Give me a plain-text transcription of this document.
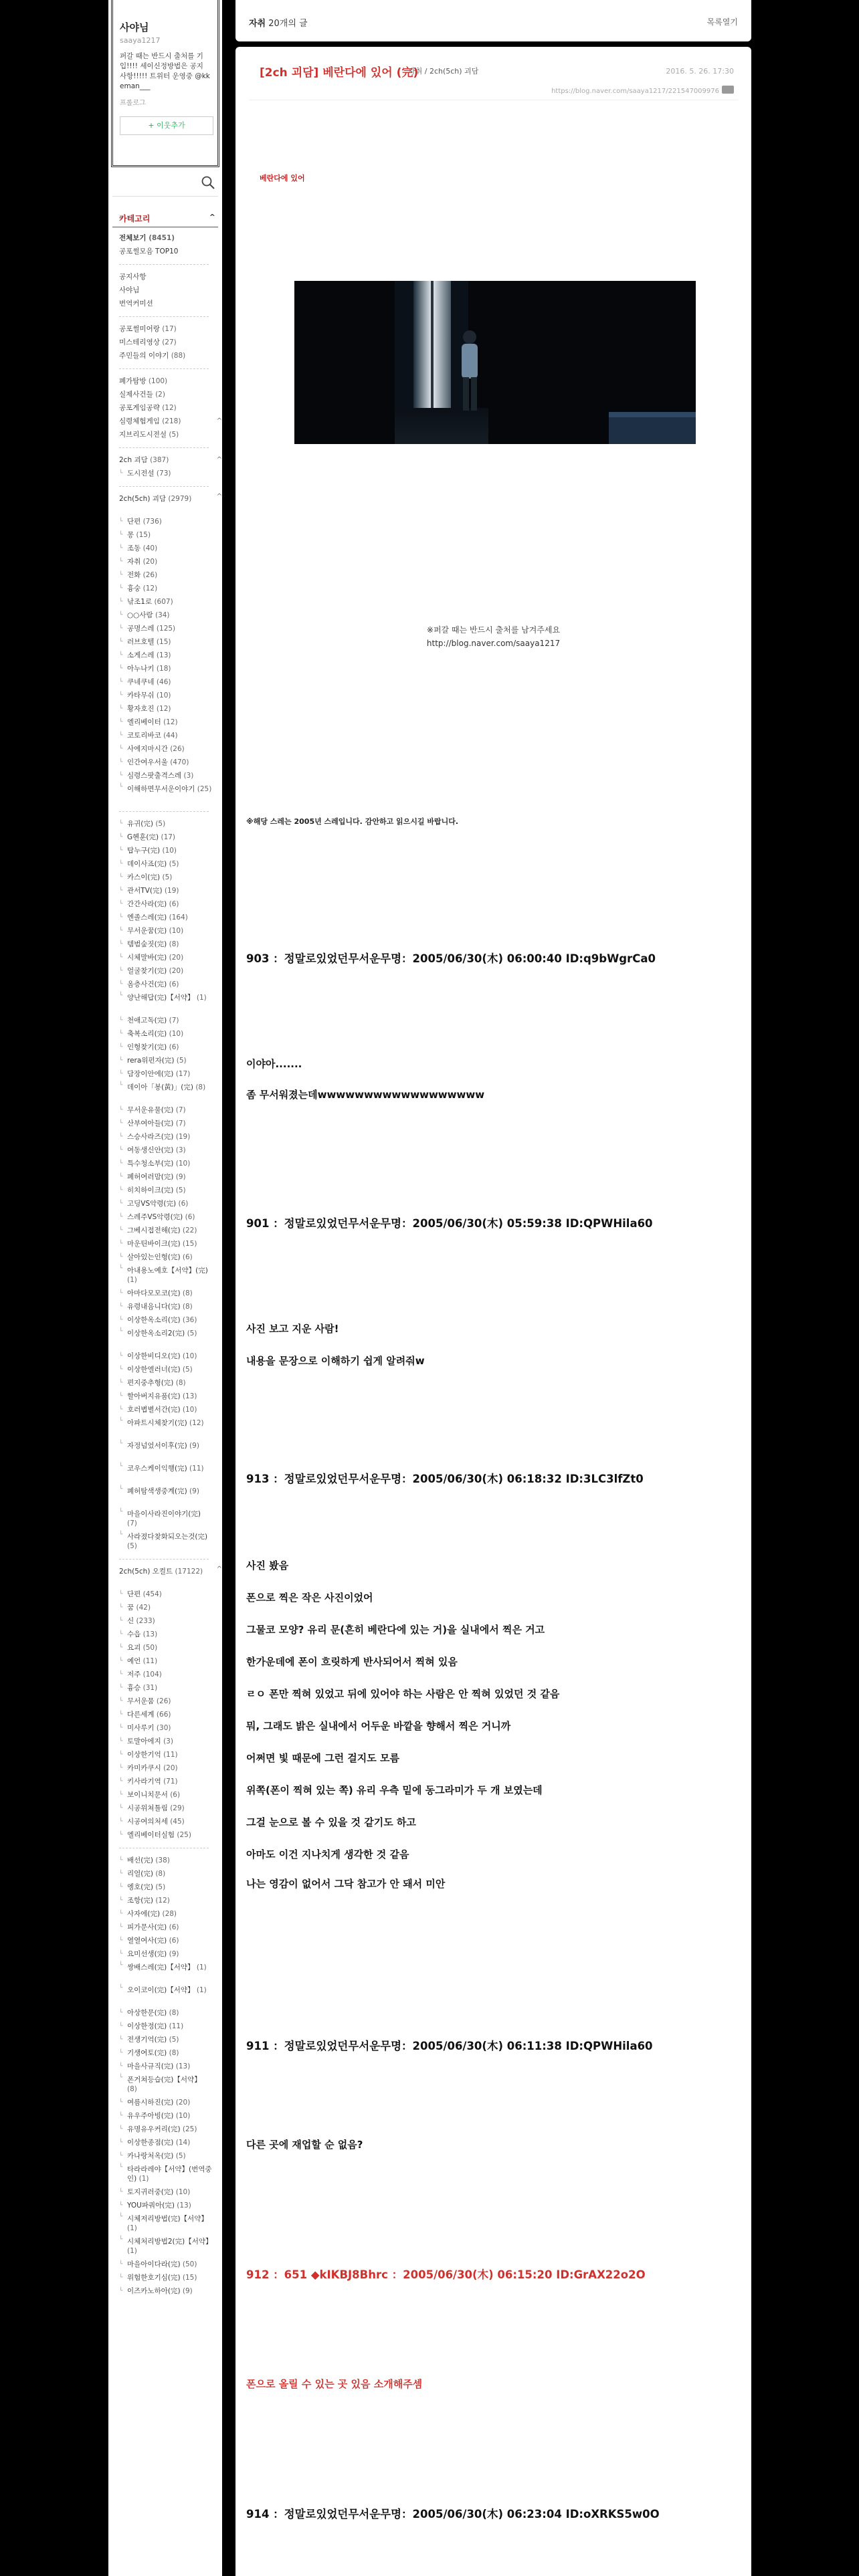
사야님
saaya1217
퍼갈 때는 반드시 출처를 기입!!!! 세이신정방법은 공지 사항!!!!! 트위터 운영중 @kkeman___
프롤로그
+ 이웃추가
카테고리	^
전체보기 (8451)
공포썰모음 TOP10
공지사항
사야님
번역커미션
공포썰미어랑 (17)
미스테리영상 (27)
주민들의 이야기 (88)
폐가탐방 (100)
실제사건들 (2)
공포게임공략 (12)
심령체험게임 (218)	^
지브리도시전설 (5)
2ch 괴담 (387)	^
└ 도시전설 (73)
2ch(5ch) 괴담 (2979)	^
└ 단편 (736)
└ 몽 (15)
└ 조동 (40)
└ 자취 (20)
└ 전화 (26)
└ 흉숭 (12)
└ 낚조1로 (607)
└ ○○사람 (34)
└ 공명스레 (125)
└ 러브호텔 (15)
└ 소게스레 (13)
└ 아누나키 (18)
└ 쿠네쿠네 (46)
└ 카타무쉬 (10)
└ 황자호진 (12)
└ 엘리베이터 (12)
└ 코토리바코 (44)
└ 사에지마시간 (26)
└ 인간여우서울 (470)
└ 심령스팟출격스레 (3)
└ 이해하면무서운이야기 (25)
└ 유귀(完) (5)
└ G헨훈(完) (17)
└ 탑누구(完) (10)
└ 데이사죠(完) (5)
└ 카스이(完) (5)
└ 관서TV(完) (19)
└ 간간사라(完) (6)
└ 엔졸스레(完) (164)
└ 무서운꿈(完) (10)
└ 템범숲짓(完) (8)
└ 시체말바(完) (20)
└ 얼굴찾기(完) (20)
└ 옴층사건(完) (6)
└ 양난해답(完)【서약】 (1)
└ 천애고독(完) (7)
└ 축복소리(完) (10)
└ 인형찾기(完) (6)
└ rera위펀자(完) (5)
└ 담장이안에(完) (17)
└ 데이아「봉(黃)」(完) (8)
└ 무서운유물(完) (7)
└ 산부여아들(完) (7)
└ 스승사라즈(完) (19)
└ 여동생신안(完) (3)
└ 특수청소부(完) (10)
└ 폐허여러맘(完) (9)
└ 히치하이크(完) (5)
└ 고딩VS악령(完) (6)
└ 스레주VS악령(完) (6)
└ 그베시접전해(完) (22)
└ 마운틴바이크(完) (15)
└ 살아있는인형(完) (6)
└ 아내용노예호【서약】(完) (1)
└ 아마다모모코(完) (8)
└ 유령내음니다(完) (8)
└ 이상한옥소리(完) (36)
└ 이상한옥소리2(完) (5)
└ 이상한비디오(完) (10)
└ 이상한엘러너(完) (5)
└ 편지중추형(完) (8)
└ 할아버지유품(完) (13)
└ 호러볍별서간(完) (10)
└ 아파트시체찾기(完) (12)
└ 자정넘었서이후(完) (9)
└ 코우스케이익행(完) (11)
└ 폐허탐색생중계(完) (9)
└ 마을이사라진이야기(完) (7)
└ 사라졌다찾화되오는것(完) (5)
2ch(5ch) 오컬트 (17122) ^
└ 단편 (454)
└ 꿈 (42)
└ 신 (233)
└ 수읍 (13)
└ 요괴 (50)
└ 예언 (11)
└ 저주 (104)
└ 흉승 (31)
└ 무서운뭄 (26)
└ 다른세계 (66)
└ 미사루키 (30)
└ 토말아에지 (3)
└ 이상한기억 (11)
└ 카미카쿠시 (20)
└ 키사라기역 (71)
└ 보이니치문서 (6)
└ 시공위쳐틀림 (29)
└ 시공여의처세 (45)
└ 엘리베이터실험 (25)
└ 배선(完) (38)
└ 리얼(完) (8)
└ 엥호(完) (5)
└ 조항(完) (12)
└ 사자에(完) (28)
└ 피가문사(完) (6)
└ 열열여사(完) (6)
└ 요미선생(完) (9)
└ 쌍배스레(完)【서약】 (1)
└ 오이코이(完)【서약】 (1)
└ 아상한문(完) (8)
└ 이상한정(完) (11)
└ 전생기억(完) (5)
└ 기생여토(完) (8)
└ 마을사규직(完) (13)
└ 폰거쳐등습(完)【서약】 (8)
└ 여름시하진(完) (20)
└ 유우주아빙(完) (10)
└ 유명유우커리(完) (25)
└ 이상한종점(完) (14)
└ 카나랑처옥(完) (5)
└ 타라라레야【서약】(번역중인) (1)
└ 토지귀러중(完) (10)
└ YOU파쿼아(完) (13)
└ 시체저리방법(完)【서약】 (1)
└ 시체처리방법2(完)【서약】 (1)
└ 마을아이다라(完) (50)
└ 위험한호기심(完) (15)
└ 이즈카노하아(完) (9)
자취 20개의 글	목록열기
[2ch 괴담] 베란다에 있어 (完)
자취 / 2ch(5ch) 괴담	2016. 5. 26. 17:30
https://blog.naver.com/saaya1217/221547009976
베란다에 있어
※퍼갈 때는 반드시 출처를 남겨주세요
http://blog.naver.com/saaya1217
※해당 스레는 2005년 스레입니다. 감안하고 읽으시길 바랍니다.
903 ：정말로있었던무서운무명：2005/06/30(木) 06:00:40 ID:q9bWgrCa0
이야아.......
좀 무서워졌는데wwwwwwwwwwwwwwwwww
901 ：정말로있었던무서운무명：2005/06/30(木) 05:59:38 ID:QPWHila60
사진 보고 지운 사람!
내용을 문장으로 이해하기 쉽게 알려줘w
913 ：정말로있었던무서운무명：2005/06/30(木) 06:18:32 ID:3LC3lfZt0
사진 봤음
폰으로 찍은 작은 사진이었어
그물코 모양? 유리 문(흔히 베란다에 있는 거)을 실내에서 찍은 거고
한가운데에 폰이 흐릿하게 반사되어서 찍혀 있음
ㄹㅇ 폰만 찍혀 있었고 뒤에 있어야 하는 사람은 안 찍혀 있었던 것 같음
뭐, 그래도 밝은 실내에서 어두운 바깥을 향해서 찍은 거니까
어쩌면 빛 때문에 그런 걸지도 모름
위쪽(폰이 찍혀 있는 쪽) 유리 우측 밑에 동그라미가 두 개 보였는데
그걸 눈으로 볼 수 있을 것 같기도 하고
아마도 이건 지나치게 생각한 것 같음
나는 영감이 없어서 그닥 참고가 안 돼서 미안
911 ：정말로있었던무서운무명：2005/06/30(木) 06:11:38 ID:QPWHila60
다른 곳에 재업할 순 없음?
912 ：651 ◆kIKBJ8Bhrc ：2005/06/30(木) 06:15:20 ID:GrAX22o2O
폰으로 올릴 수 있는 곳 있음 소개해주셈
914 ：정말로있었던무서운무명：2005/06/30(木) 06:23:04 ID:oXRKS5w0O
